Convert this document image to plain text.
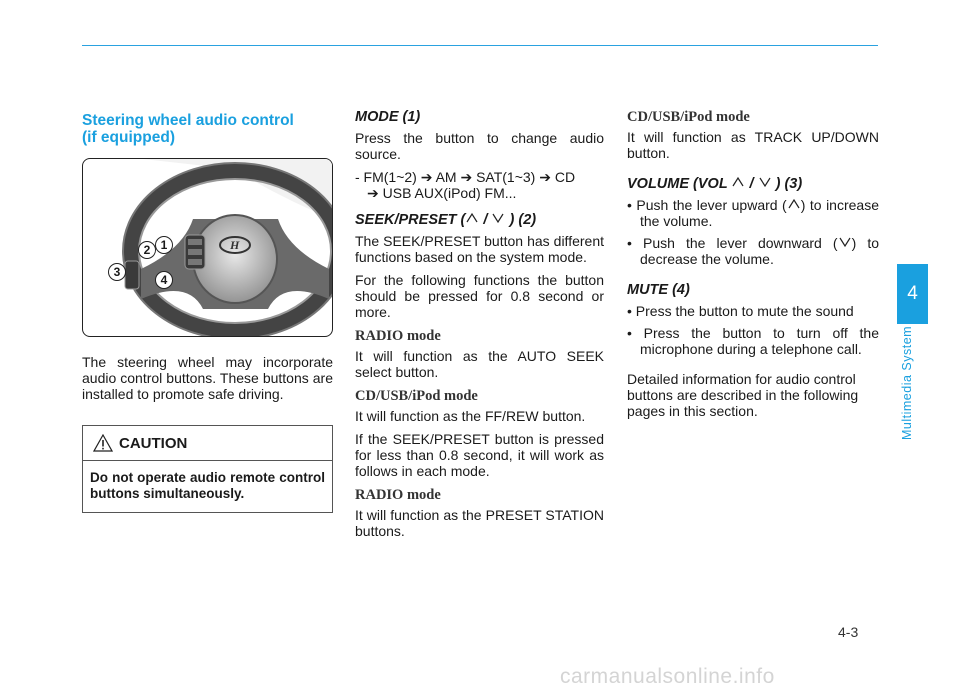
Steering wheel audio control
(if equipped)
H
1
2
3
4

The steering wheel may incorporate audio control buttons. These buttons are installed to promote safe driving.

CAUTION
Do not operate audio remote control buttons simultaneously.
MODE (1)

Press the button to change audio source.

- FM(1~2) ➔ AM ➔ SAT(1~3) ➔ CD
➔ USB AUX(iPod) FM...

SEEK/PRESET ( /  ) (2)

The SEEK/PRESET button has different functions based on the system mode.

For the following functions the button should be pressed for 0.8 second or more.

RADIO mode

It will function as the AUTO SEEK select button.

CD/USB/iPod mode

It will function as the FF/REW button.

If the SEEK/PRESET button is pressed for less than 0.8 second, it will work as follows in each mode.

RADIO mode

It will function as the PRESET STATION buttons.

CD/USB/iPod mode

It will function as TRACK UP/DOWN button.

VOLUME (VOL  /  ) (3)
• Push the lever upward ( ) to increase the volume.
• Push the lever downward ( ) to decrease the volume.
MUTE (4)
• Press the button to mute the sound
• Press the button to turn off the microphone during a telephone call.

Detailed information for audio control buttons are described in the following pages in this section.

4
Multimedia System
4-3
carmanualsonline.info
